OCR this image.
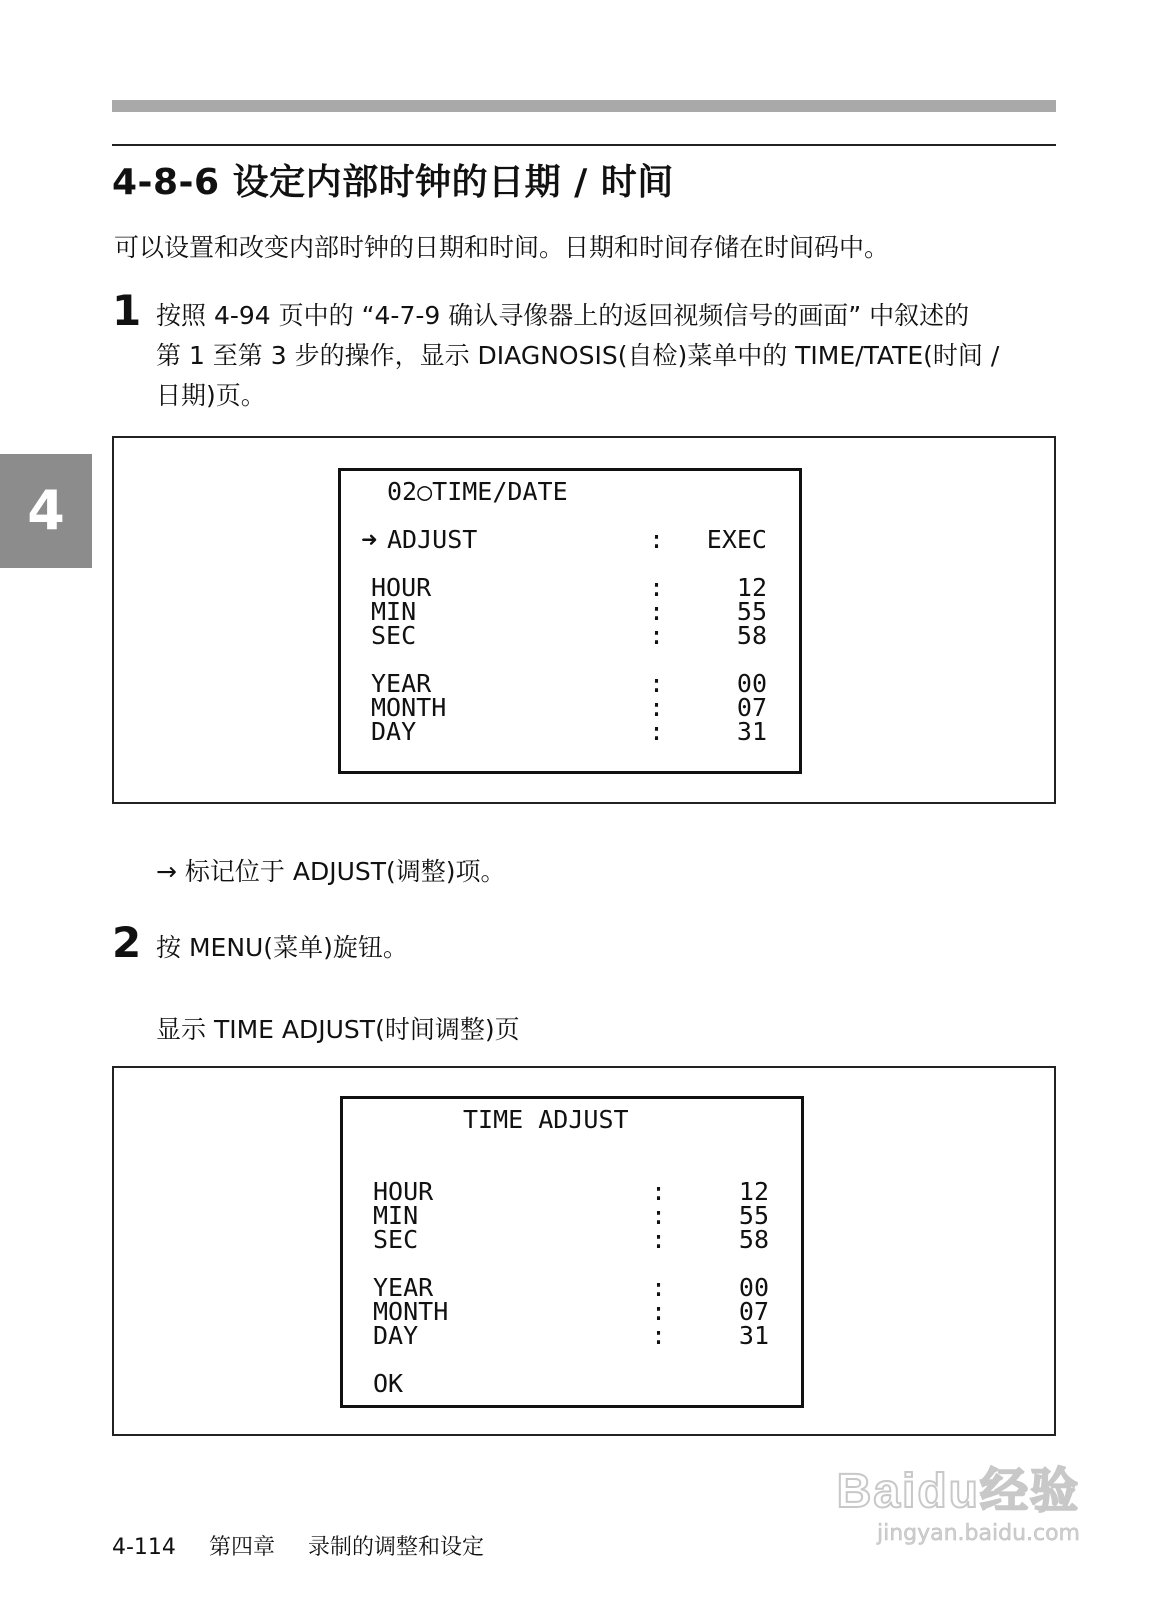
4-8-6 设定内部时钟的日期 / 时间
可以设置和改变内部时钟的日期和时间。日期和时间存储在时间码中。
4
1 按照 4-94 页中的 “4-7-9 确认寻像器上的返回视频信号的画面” 中叙述的
第 1 至第 3 步的操作，显示 DIAGNOSIS(自检)菜单中的 TIME/TATE(时间 /
日期)页。
02○TIME/DATE
➜ ADJUST	:	EXEC
HOUR	:	12
MIN	:	55
SEC	:	58
YEAR	:	00
MONTH	:	07
DAY	:	31
→ 标记位于 ADJUST(调整)项。
2 按 MENU(菜单)旋钮。
显示 TIME ADJUST(时间调整)页
TIME ADJUST
HOUR	:	12
MIN	:	55
SEC	:	58
YEAR	:	00
MONTH	:	07
DAY	:	31
OK
4-114 第四章 录制的调整和设定
Baidu经验
jingyan.baidu.com
